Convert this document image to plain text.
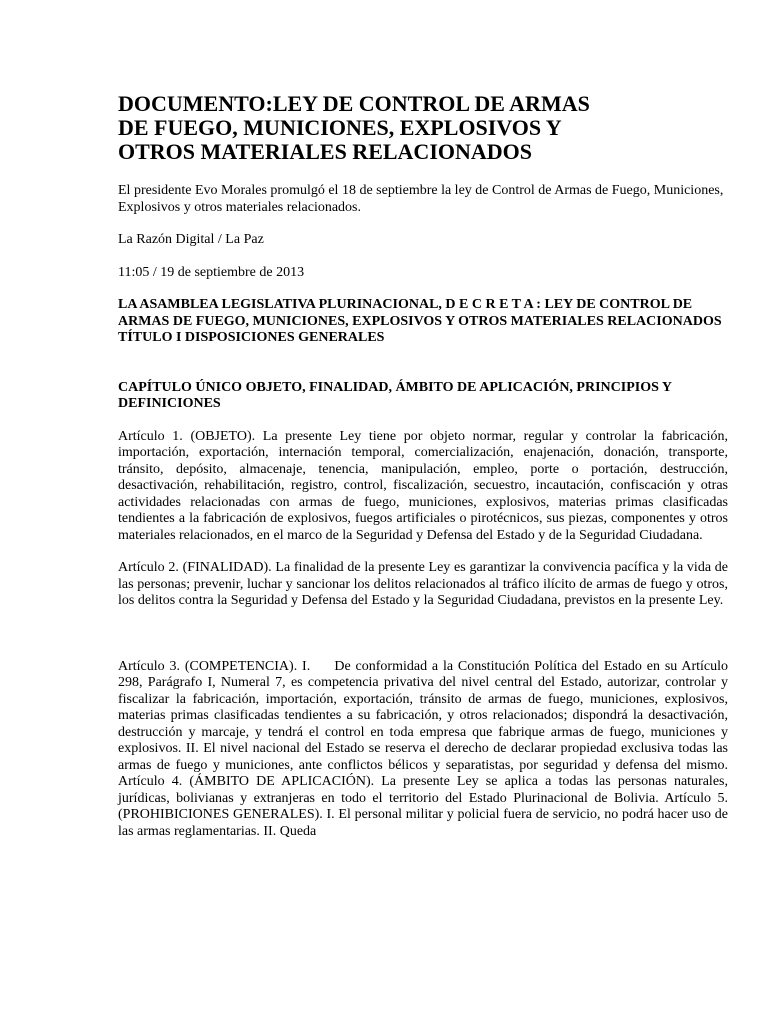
DOCUMENTO:LEY DE CONTROL DE ARMAS DE FUEGO, MUNICIONES, EXPLOSIVOS Y OTROS MATERIALES RELACIONADOS

El presidente Evo Morales promulgó el 18 de septiembre la ley de Control de Armas de Fuego, Municiones, Explosivos y otros materiales relacionados.

La Razón Digital / La Paz

11:05 / 19 de septiembre de 2013

LA ASAMBLEA LEGISLATIVA PLURINACIONAL, D E C R E T A : LEY DE CONTROL DE ARMAS DE FUEGO, MUNICIONES, EXPLOSIVOS Y OTROS MATERIALES RELACIONADOS TÍTULO I DISPOSICIONES GENERALES

CAPÍTULO ÚNICO OBJETO, FINALIDAD, ÁMBITO DE APLICACIÓN, PRINCIPIOS Y DEFINICIONES

Artículo 1. (OBJETO). La presente Ley tiene por objeto normar, regular y controlar la fabricación, importación, exportación, internación temporal, comercialización, enajenación, donación, transporte, tránsito, depósito, almacenaje, tenencia, manipulación, empleo, porte o portación, destrucción, desactivación, rehabilitación, registro, control, fiscalización, secuestro, incautación, confiscación y otras actividades relacionadas con armas de fuego, municiones, explosivos, materias primas clasificadas tendientes a la fabricación de explosivos, fuegos artificiales o pirotécnicos, sus piezas, componentes y otros materiales relacionados, en el marco de la Seguridad y Defensa del Estado y de la Seguridad Ciudadana.

Artículo 2. (FINALIDAD). La finalidad de la presente Ley es garantizar la convivencia pacífica y la vida de las personas; prevenir, luchar y sancionar los delitos relacionados al tráfico ilícito de armas de fuego y otros, los delitos contra la Seguridad y Defensa del Estado y la Seguridad Ciudadana, previstos en la presente Ley.

Artículo 3. (COMPETENCIA). I.     De conformidad a la Constitución Política del Estado en su Artículo 298, Parágrafo I, Numeral 7, es competencia privativa del nivel central del Estado, autorizar, controlar y fiscalizar la fabricación, importación, exportación, tránsito de armas de fuego, municiones, explosivos, materias primas clasificadas tendientes a su fabricación, y otros relacionados; dispondrá la desactivación, destrucción y marcaje, y tendrá el control en toda empresa que fabrique armas de fuego, municiones y explosivos. II. El nivel nacional del Estado se reserva el derecho de declarar propiedad exclusiva todas las armas de fuego y municiones, ante conflictos bélicos y separatistas, por seguridad y defensa del mismo. Artículo 4. (ÁMBITO DE APLICACIÓN). La presente Ley se aplica a todas las personas naturales, jurídicas, bolivianas y extranjeras en todo el territorio del Estado Plurinacional de Bolivia. Artículo 5. (PROHIBICIONES GENERALES). I. El personal militar y policial fuera de servicio, no podrá hacer uso de las armas reglamentarias. II. Queda
